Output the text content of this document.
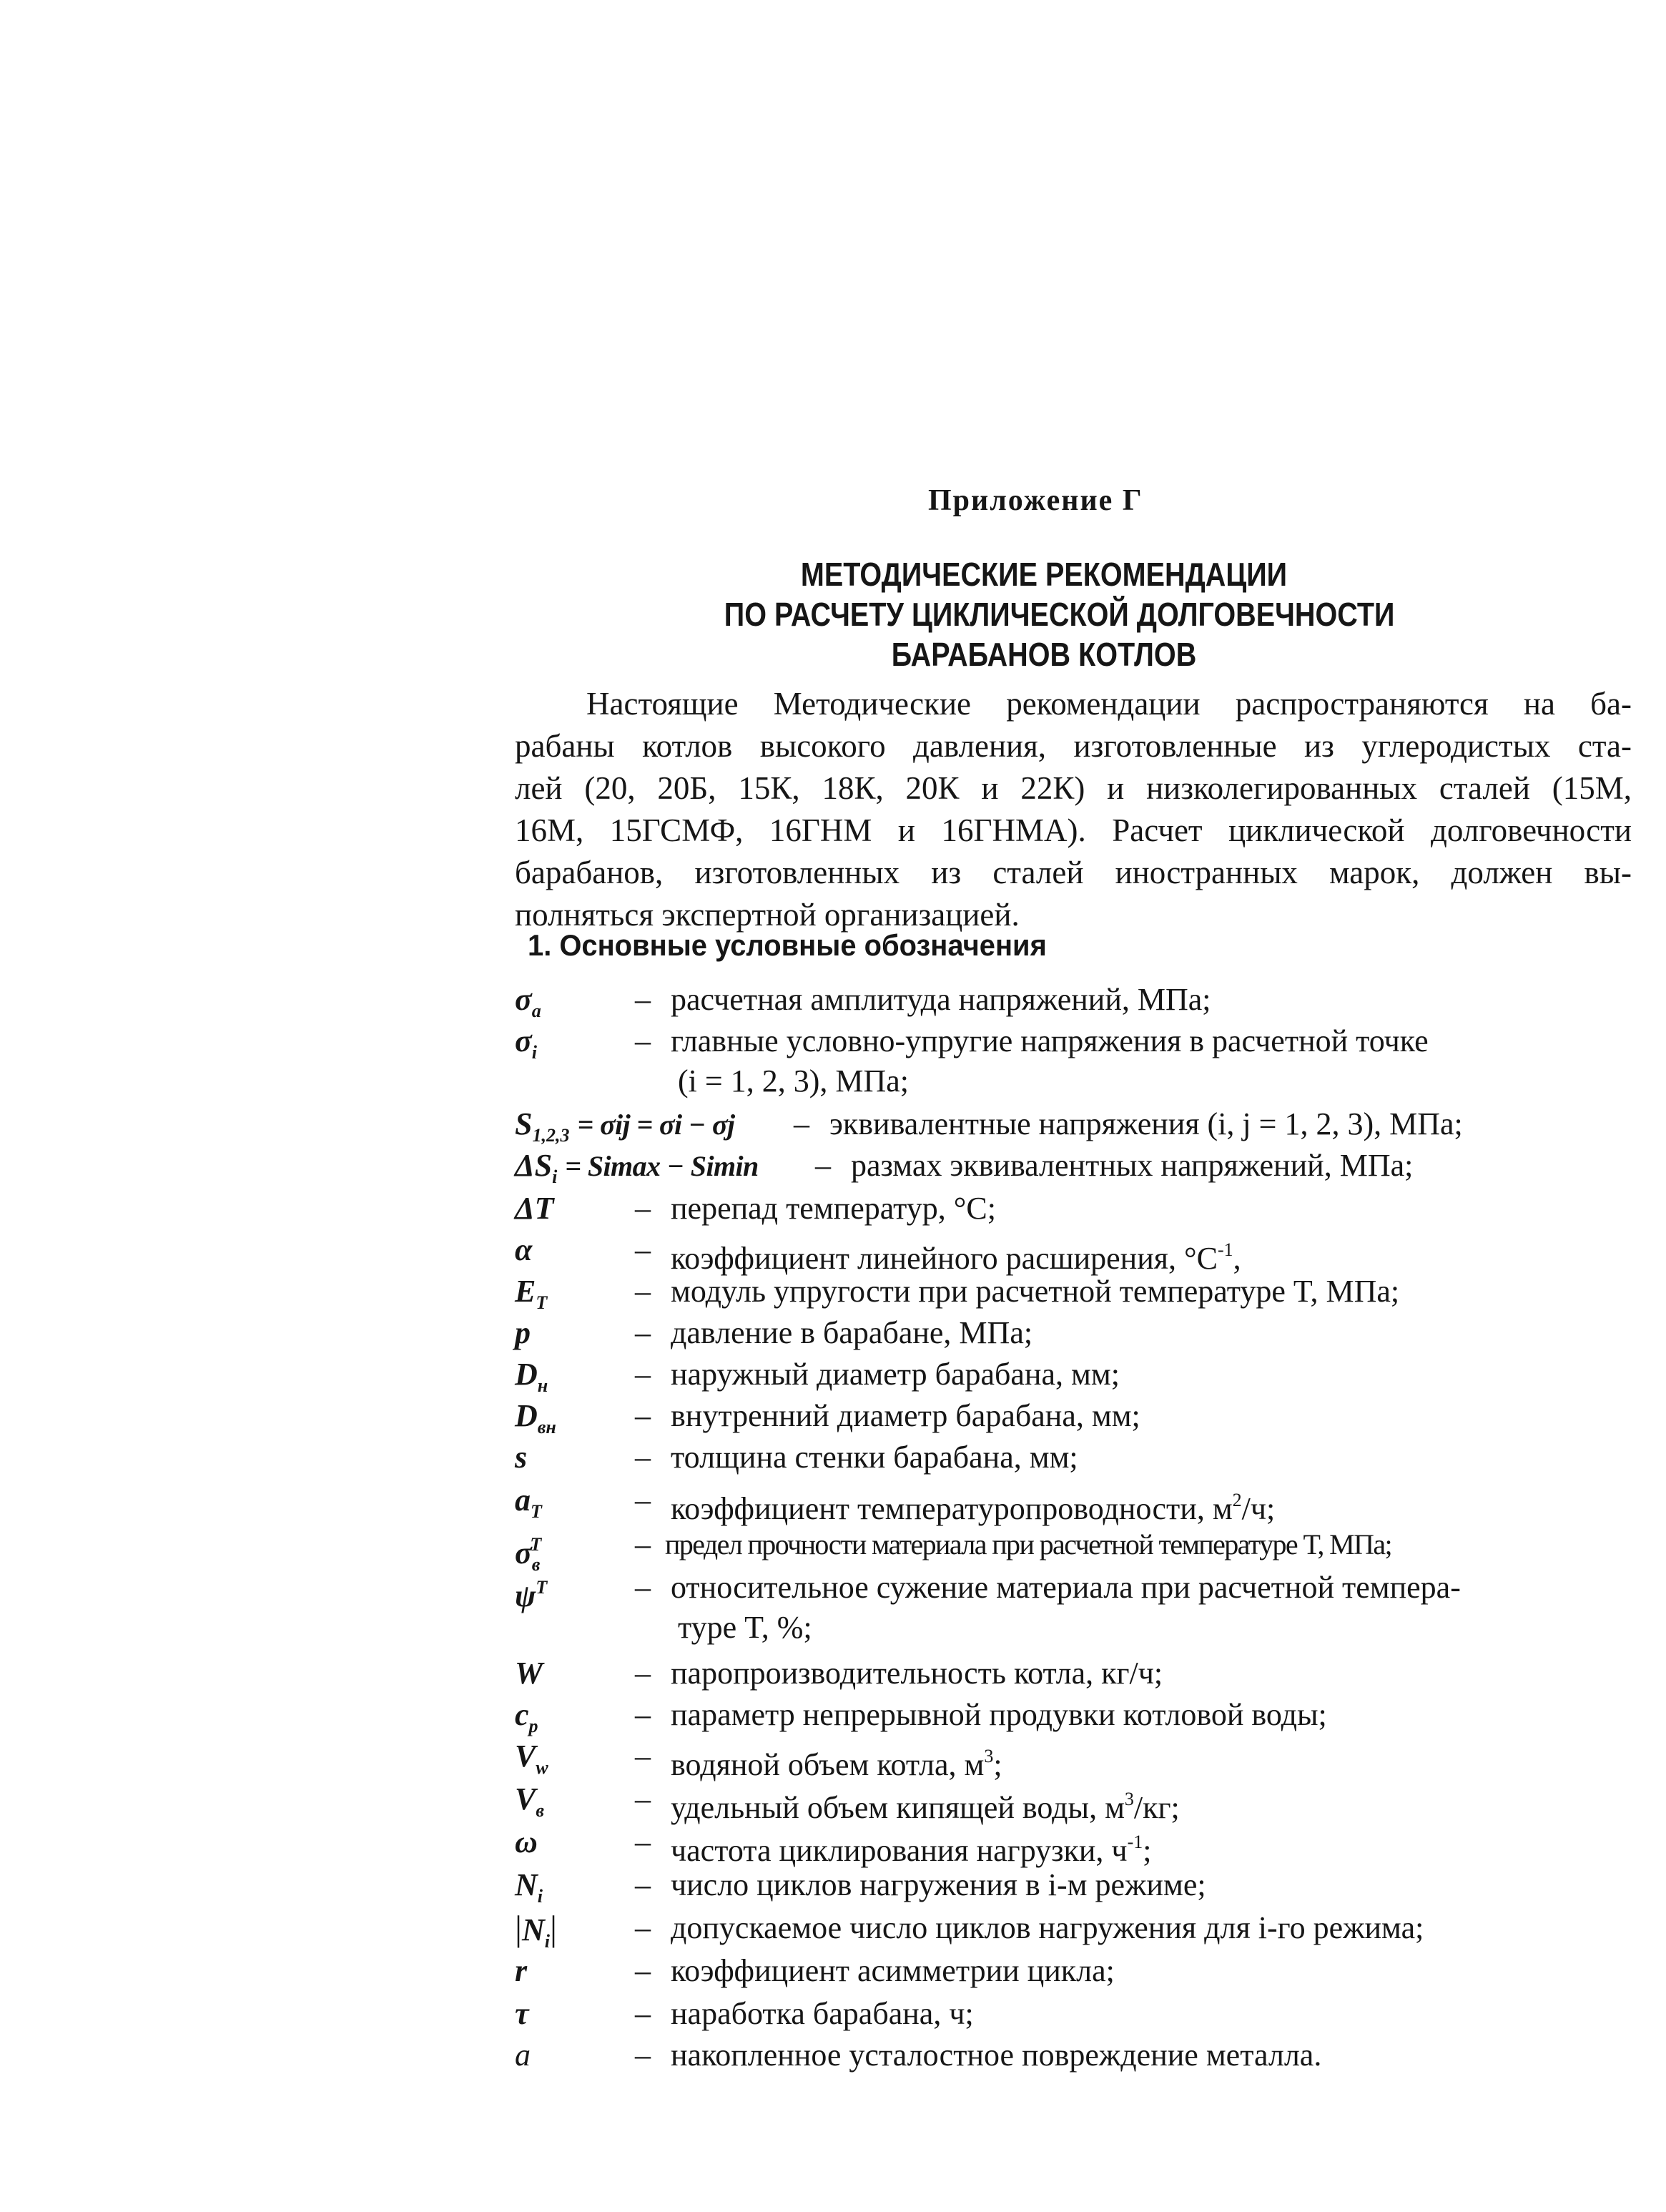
Приложение Г
МЕТОДИЧЕСКИЕ РЕКОМЕНДАЦИИ
ПО РАСЧЕТУ ЦИКЛИЧЕСКОЙ ДОЛГОВЕЧНОСТИ
БАРАБАНОВ КОТЛОВ
Настоящие Методические рекомендации распространяются на ба-
рабаны котлов высокого давления, изготовленные из углеродистых ста-
лей (20, 20Б, 15К, 18К, 20К и 22К) и низколегированных сталей (15М,
16М, 15ГСМФ, 16ГНМ и 16ГНМА). Расчет циклической долговечности
барабанов, изготовленных из сталей иностранных марок, должен вы-
полняться экспертной организацией.
1. Основные условные обозначения
$\sigma_a$	– расчетная амплитуда напряжений, МПа;
$\sigma_i$	– главные условно-упругие напряжения в расчетной точке
(i = 1, 2, 3), МПа;
$S_{1,2,3} = \sigma ij = \sigma i - \sigma j$ – эквивалентные напряжения (i, j = 1, 2, 3), МПа;
$\Delta S_i = Simax - Simin$ – размах эквивалентных напряжений, МПа;
ΔT	– перепад температур, °С;
α	– коэффициент линейного расширения, $^\circ С^{-1}$,
$E_T$	– модуль упругости при расчетной температуре T, МПа;
p	– давление в барабане, МПа;
$D_н$	– наружный диаметр барабана, мм;
$D_{вн}$	– внутренний диаметр барабана, мм;
s	– толщина стенки барабана, мм;
$a_T$	– коэффициент температуропроводности, $м^2/ч$;
$\sigma_в^T$	– предел прочности материала при расчетной температуре T, МПа;
$\psi^T$	– относительное сужение материала при расчетной темпера-
туре T, %;
W	– паропроизводительность котла, кг/ч;
$c_p$	– параметр непрерывной продувки котловой воды;
$V_w$	– водяной объем котла, $м^3$;
$V_в$	– удельный объем кипящей воды, $м^3/кг$;
ω	– частота циклирования нагрузки, $ч^{-1}$;
$N_i$	– число циклов нагружения в i-м режиме;
$|N_i|$	– допускаемое число циклов нагружения для i-го режима;
r	– коэффициент асимметрии цикла;
τ	– наработка барабана, ч;
a	– накопленное усталостное повреждение металла.
